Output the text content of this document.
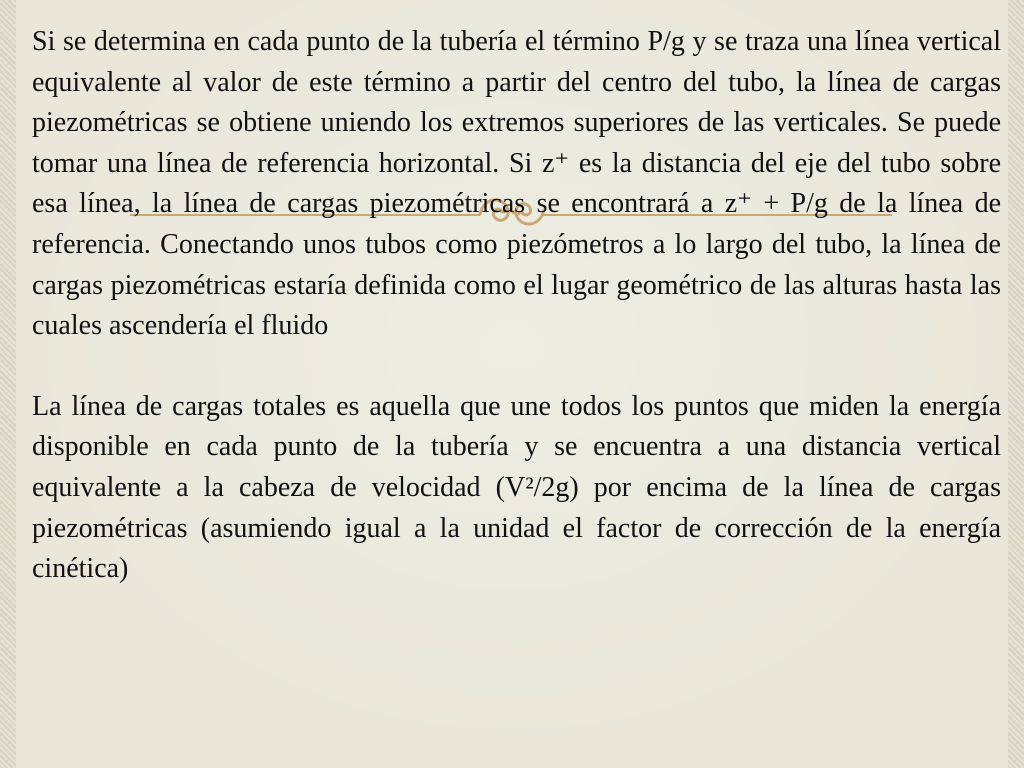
Si se determina en cada punto de la tubería el término P/g y se traza una línea vertical equivalente al valor de este término a partir del centro del tubo, la línea de cargas piezométricas se obtiene uniendo los extremos superiores de las verticales. Se puede tomar una línea de referencia horizontal. Si z⁺ es la distancia del eje del tubo sobre esa línea, la línea de cargas piezométricas se encontrará a z⁺ + P/g de la línea de referencia. Conectando unos tubos como piezómetros a lo largo del tubo, la línea de cargas piezométricas estaría definida como el lugar geométrico de las alturas hasta las cuales ascendería el fluido

La línea de cargas totales es aquella que une todos los puntos que miden la energía disponible en cada punto de la tubería y se encuentra a una distancia vertical equivalente a la cabeza de velocidad (V²/2g) por encima de la línea de cargas piezométricas (asumiendo igual a la unidad el factor de corrección de la energía cinética)
